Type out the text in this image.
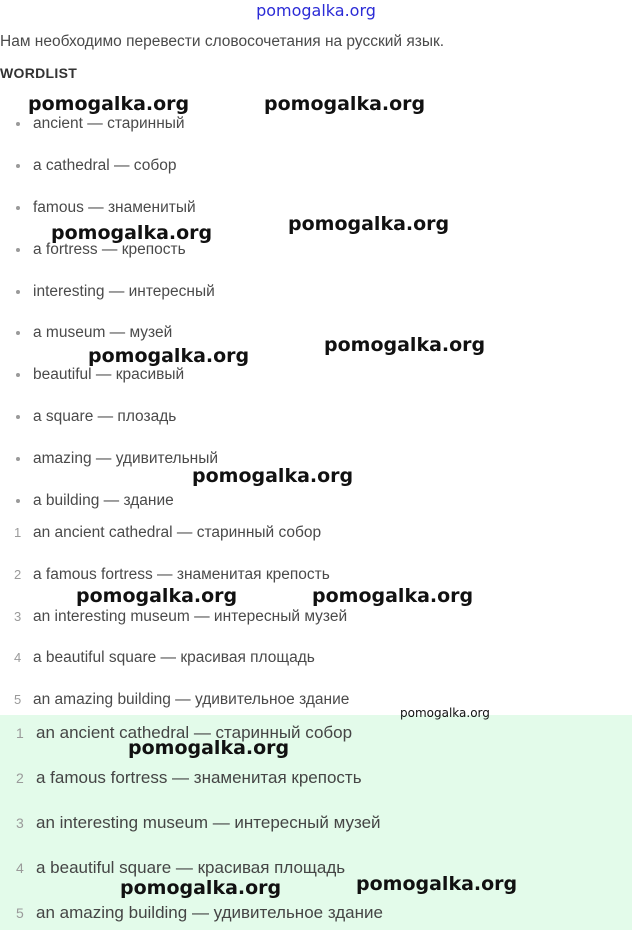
pomogalka.org
Нам необходимо перевести словосочетания на русский язык.
WORDLIST
ancient — старинный
a cathedral — собор
famous — знаменитый
a fortress — крепость
interesting — интересный
a museum — музей
beautiful — красивый
a square — плозадь
amazing — удивительный
a building — здание
1 an ancient cathedral — старинный собор
2 a famous fortress — знаменитая крепость
3 an interesting museum — интересный музей
4 a beautiful square — красивая площадь
5 an amazing building — удивительное здание
1 an ancient cathedral — старинный собор
2 a famous fortress — знаменитая крепость
3 an interesting museum — интересный музей
4 a beautiful square — красивая площадь
5 an amazing building — удивительное здание
pomogalka.org	pomogalka.org
pomogalka.org
pomogalka.org
pomogalka.org
pomogalka.org
pomogalka.org
pomogalka.org	pomogalka.org
pomogalka.org
pomogalka.org
pomogalka.org
pomogalka.org
